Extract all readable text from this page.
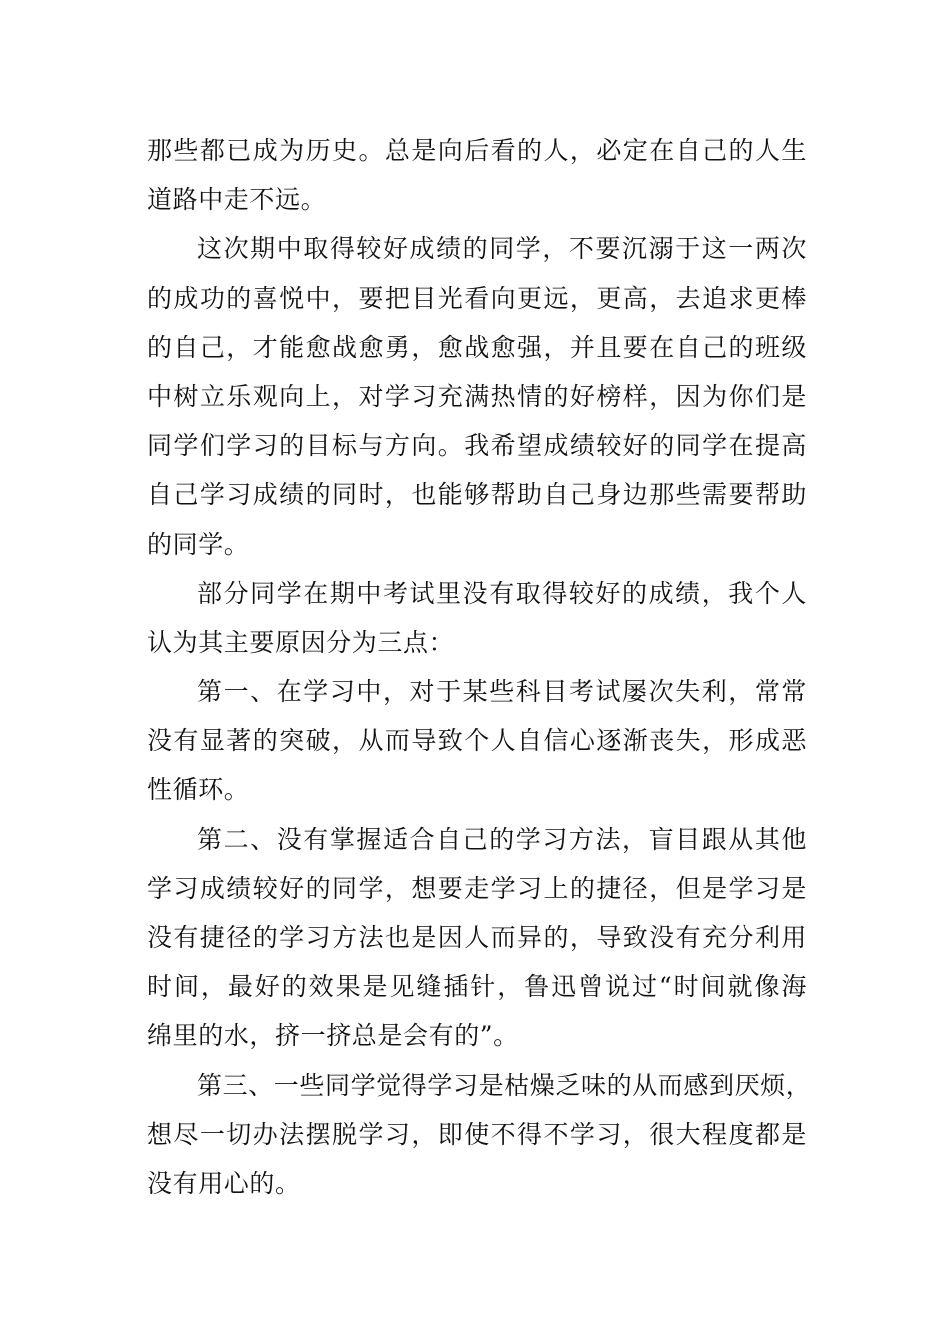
那些都已成为历史。总是向后看的人，必定在自己的人生
道路中走不远。
这次期中取得较好成绩的同学，不要沉溺于这一两次
的成功的喜悦中，要把目光看向更远，更高，去追求更棒
的自己，才能愈战愈勇，愈战愈强，并且要在自己的班级
中树立乐观向上，对学习充满热情的好榜样，因为你们是
同学们学习的目标与方向。我希望成绩较好的同学在提高
自己学习成绩的同时，也能够帮助自己身边那些需要帮助
的同学。
部分同学在期中考试里没有取得较好的成绩，我个人
认为其主要原因分为三点：
第一、在学习中，对于某些科目考试屡次失利，常常
没有显著的突破，从而导致个人自信心逐渐丧失，形成恶
性循环。
第二、没有掌握适合自己的学习方法，盲目跟从其他
学习成绩较好的同学，想要走学习上的捷径，但是学习是
没有捷径的学习方法也是因人而异的，导致没有充分利用
时间，最好的效果是见缝插针，鲁迅曾说过“时间就像海
绵里的水，挤一挤总是会有的”。
第三、一些同学觉得学习是枯燥乏味的从而感到厌烦，
想尽一切办法摆脱学习，即使不得不学习，很大程度都是
没有用心的。
